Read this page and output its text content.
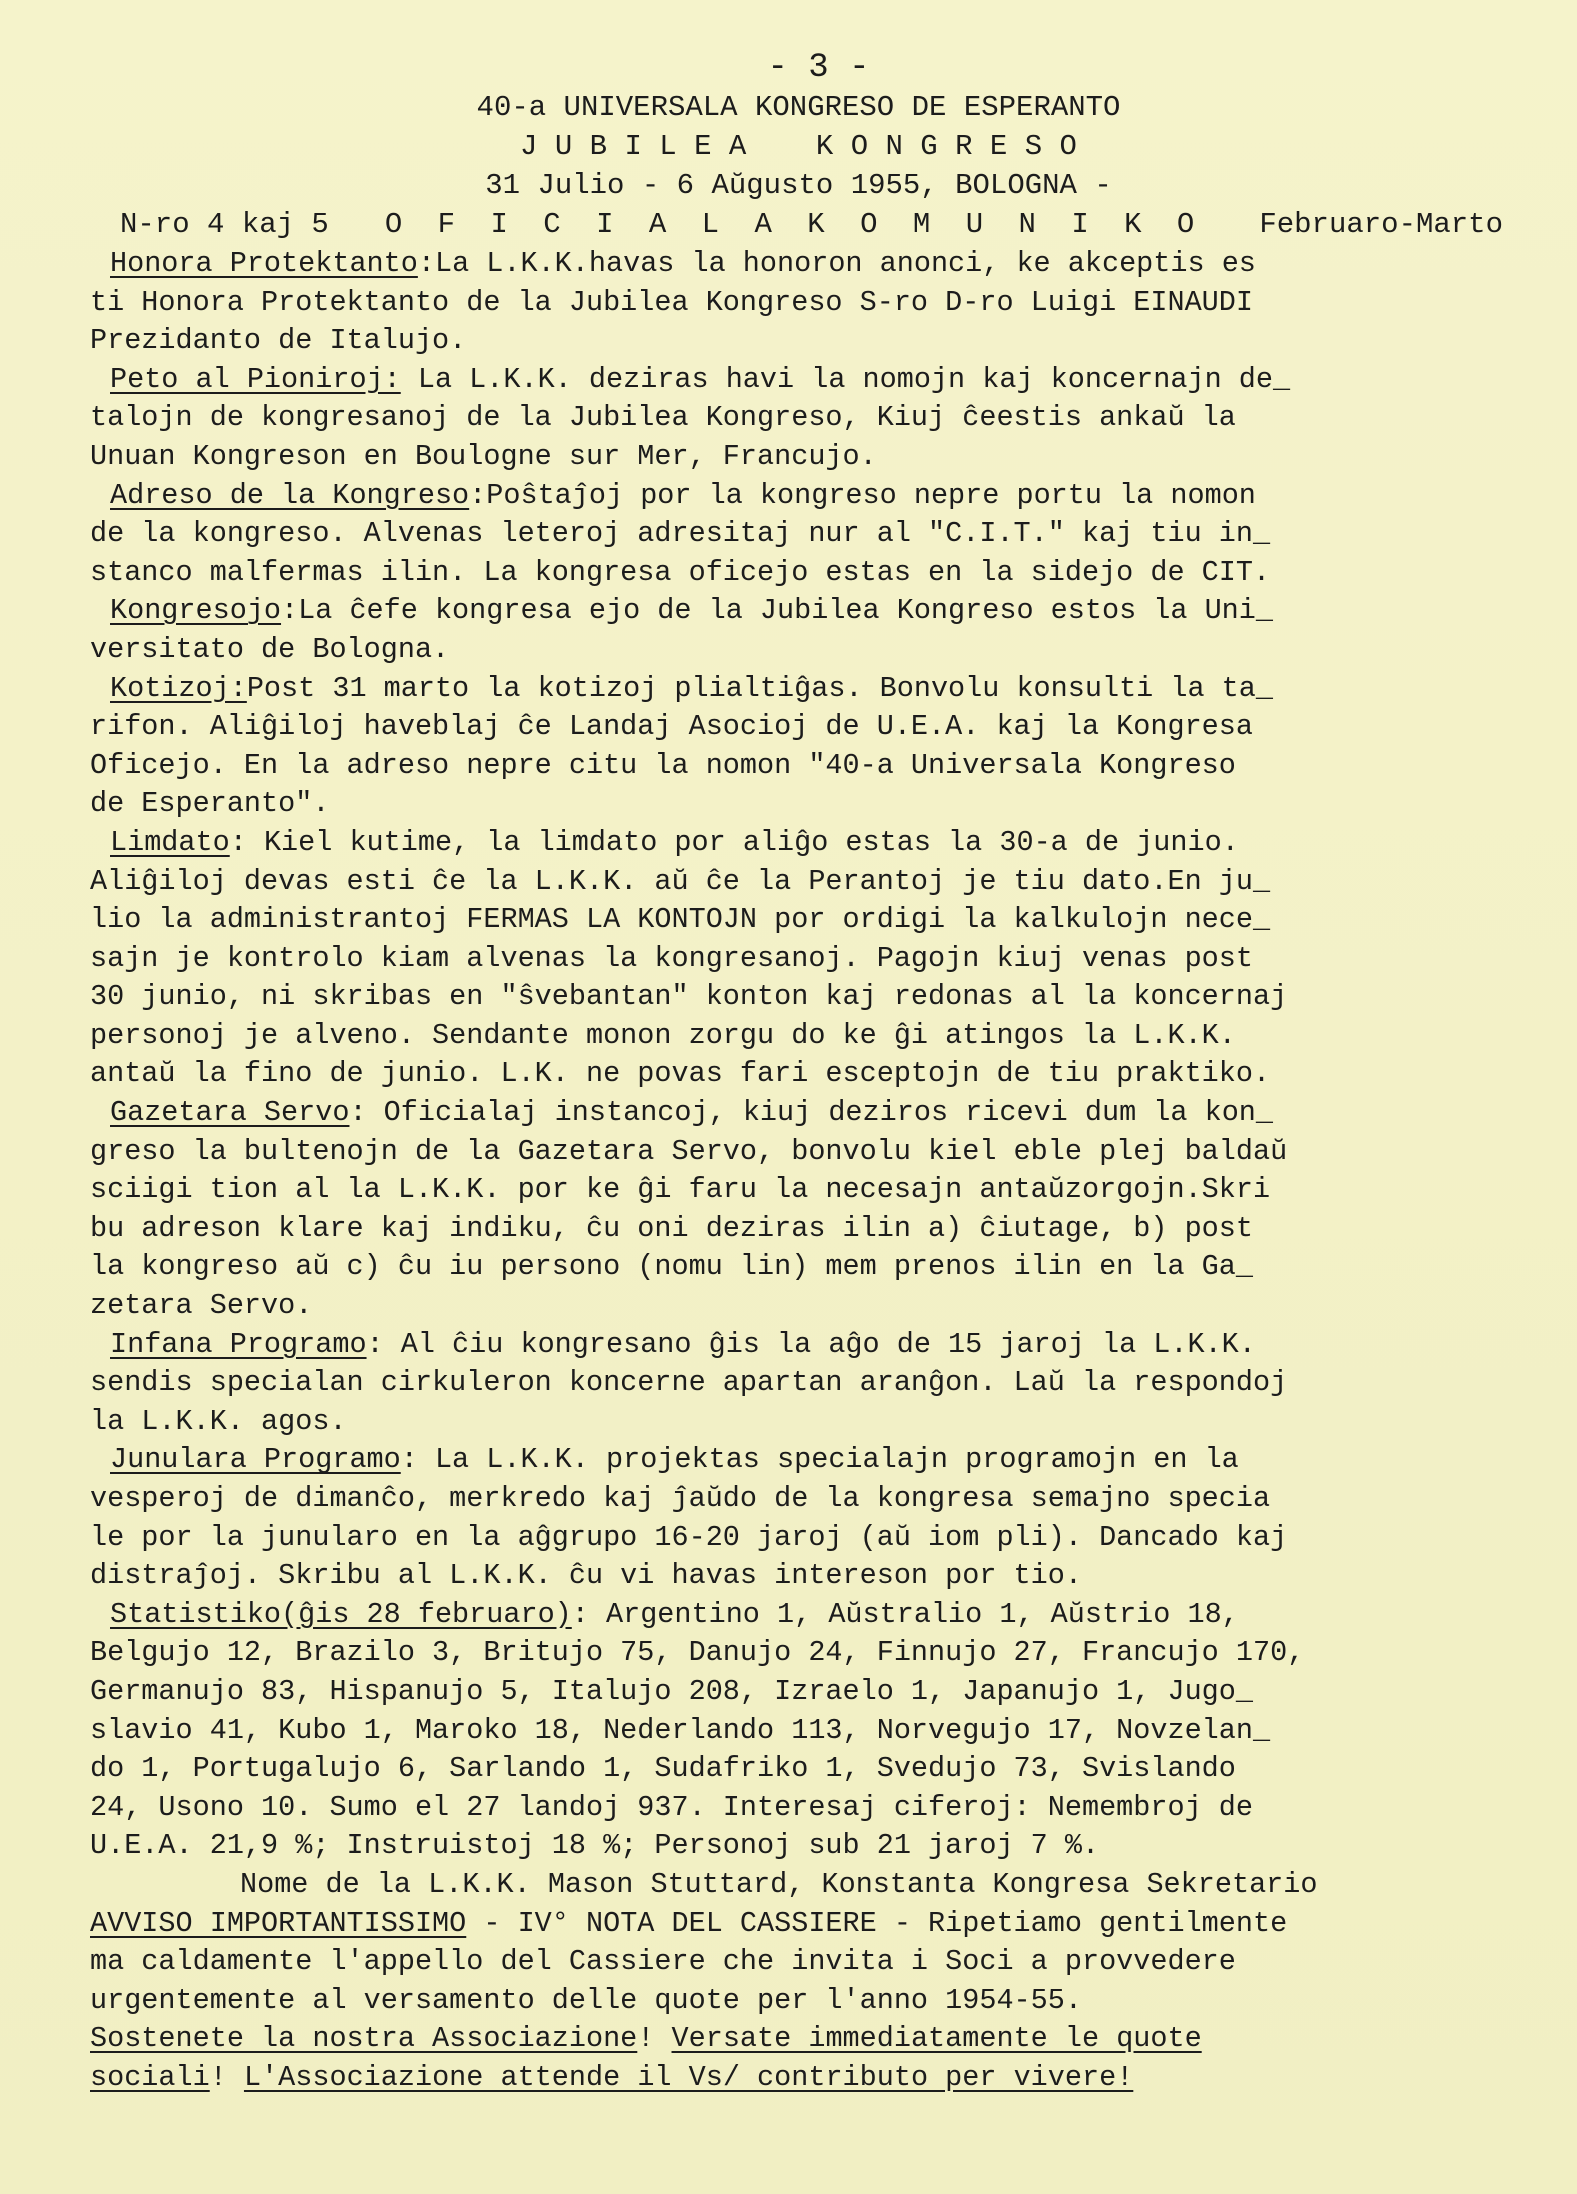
- 3 -
40-a UNIVERSALA KONGRESO DE ESPERANTO
J U B I L E A    K O N G R E S O
31 Julio - 6 Aŭgusto 1955, BOLOGNA -
N-ro 4 kaj 5 O F I C I A L A K O M U N I K O Februaro-Marto
Honora Protektanto:La L.K.K.havas la honoron anonci, ke akceptis es
ti Honora Protektanto de la Jubilea Kongreso S-ro D-ro Luigi EINAUDI
Prezidanto de Italujo.
Peto al Pioniroj: La L.K.K. deziras havi la nomojn kaj koncernajn de_
talojn de kongresanoj de la Jubilea Kongreso, Kiuj ĉeestis ankaŭ la
Unuan Kongreson en Boulogne sur Mer, Francujo.
Adreso de la Kongreso:Poŝtaĵoj por la kongreso nepre portu la nomon
de la kongreso. Alvenas leteroj adresitaj nur al "C.I.T." kaj tiu in_
stanco malfermas ilin. La kongresa oficejo estas en la sidejo de CIT.
Kongresojo:La ĉefe kongresa ejo de la Jubilea Kongreso estos la Uni_
versitato de Bologna.
Kotizoj:Post 31 marto la kotizoj plialtiĝas. Bonvolu konsulti la ta_
rifon. Aliĝiloj haveblaj ĉe Landaj Asocioj de U.E.A. kaj la Kongresa
Oficejo. En la adreso nepre citu la nomon "40-a Universala Kongreso
de Esperanto".
Limdato: Kiel kutime, la limdato por aliĝo estas la 30-a de junio.
Aliĝiloj devas esti ĉe la L.K.K. aŭ ĉe la Perantoj je tiu dato.En ju_
lio la administrantoj FERMAS LA KONTOJN por ordigi la kalkulojn nece_
sajn je kontrolo kiam alvenas la kongresanoj. Pagojn kiuj venas post
30 junio, ni skribas en "ŝvebantan" konton kaj redonas al la koncernaj
personoj je alveno. Sendante monon zorgu do ke ĝi atingos la L.K.K.
antaŭ la fino de junio. L.K. ne povas fari esceptojn de tiu praktiko.
Gazetara Servo: Oficialaj instancoj, kiuj deziros ricevi dum la kon_
greso la bultenojn de la Gazetara Servo, bonvolu kiel eble plej baldaŭ
sciigi tion al la L.K.K. por ke ĝi faru la necesajn antaŭzorgojn.Skri
bu adreson klare kaj indiku, ĉu oni deziras ilin a) ĉiutage, b) post
la kongreso aŭ c) ĉu iu persono (nomu lin) mem prenos ilin en la Ga_
zetara Servo.
Infana Programo: Al ĉiu kongresano ĝis la aĝo de 15 jaroj la L.K.K.
sendis specialan cirkuleron koncerne apartan aranĝon. Laŭ la respondoj
la L.K.K. agos.
Junulara Programo: La L.K.K. projektas specialajn programojn en la
vesperoj de dimanĉo, merkredo kaj ĵaŭdo de la kongresa semajno specia
le por la junularo en la aĝgrupo 16-20 jaroj (aŭ iom pli). Dancado kaj
distraĵoj. Skribu al L.K.K. ĉu vi havas intereson por tio.
Statistiko(ĝis 28 februaro): Argentino 1, Aŭstralio 1, Aŭstrio 18,
Belgujo 12, Brazilo 3, Britujo 75, Danujo 24, Finnujo 27, Francujo 170,
Germanujo 83, Hispanujo 5, Italujo 208, Izraelo 1, Japanujo 1, Jugo_
slavio 41, Kubo 1, Maroko 18, Nederlando 113, Norvegujo 17, Novzelan_
do 1, Portugalujo 6, Sarlando 1, Sudafriko 1, Svedujo 73, Svislando
24, Usono 10. Sumo el 27 landoj 937. Interesaj ciferoj: Nemembroj de
U.E.A. 21,9 %; Instruistoj 18 %; Personoj sub 21 jaroj 7 %.
Nome de la L.K.K. Mason Stuttard, Konstanta Kongresa Sekretario
AVVISO IMPORTANTISSIMO - IV° NOTA DEL CASSIERE - Ripetiamo gentilmente
ma caldamente l'appello del Cassiere che invita i Soci a provvedere
urgentemente al versamento delle quote per l'anno 1954-55.
Sostenete la nostra Associazione! Versate immediatamente le quote
sociali! L'Associazione attende il Vs/ contributo per vivere!
